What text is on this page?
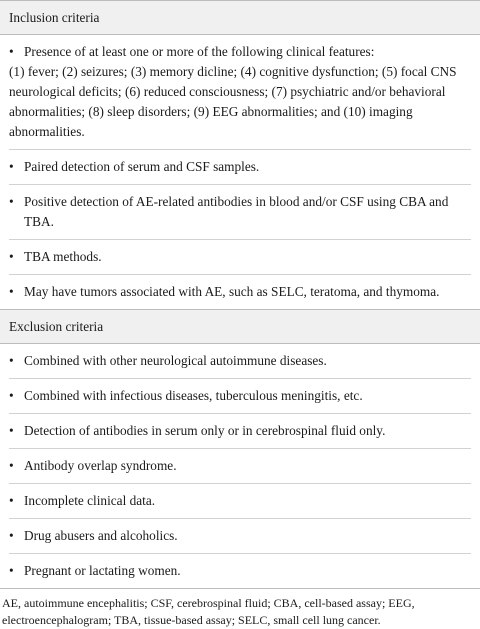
Inclusion criteria
• Presence of at least one or more of the following clinical features:
(1) fever; (2) seizures; (3) memory dicline; (4) cognitive dysfunction; (5) focal CNS neurological deficits; (6) reduced consciousness; (7) psychiatric and/or behavioral abnormalities; (8) sleep disorders; (9) EEG abnormalities; and (10) imaging abnormalities.
• Paired detection of serum and CSF samples.
• Positive detection of AE-related antibodies in blood and/or CSF using CBA and TBA.
• TBA methods.
• May have tumors associated with AE, such as SELC, teratoma, and thymoma.
Exclusion criteria
• Combined with other neurological autoimmune diseases.
• Combined with infectious diseases, tuberculous meningitis, etc.
• Detection of antibodies in serum only or in cerebrospinal fluid only.
• Antibody overlap syndrome.
• Incomplete clinical data.
• Drug abusers and alcoholics.
• Pregnant or lactating women.
AE, autoimmune encephalitis; CSF, cerebrospinal fluid; CBA, cell-based assay; EEG, electroencephalogram; TBA, tissue-based assay; SELC, small cell lung cancer.
